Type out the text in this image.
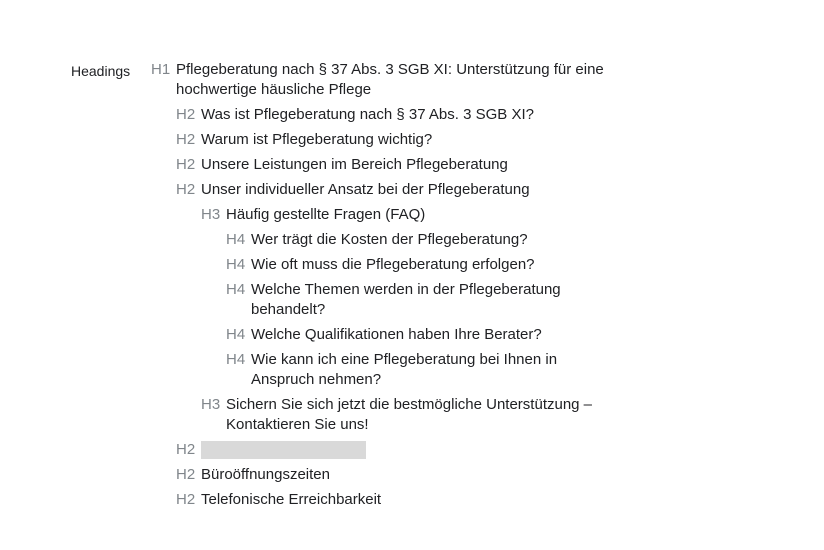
Headings H1 Pflegeberatung nach § 37 Abs. 3 SGB XI: Unterstützung für eine hochwertige häusliche Pflege
H2 Was ist Pflegeberatung nach § 37 Abs. 3 SGB XI?
H2 Warum ist Pflegeberatung wichtig?
H2 Unsere Leistungen im Bereich Pflegeberatung
H2 Unser individueller Ansatz bei der Pflegeberatung
H3 Häufig gestellte Fragen (FAQ)
H4 Wer trägt die Kosten der Pflegeberatung?
H4 Wie oft muss die Pflegeberatung erfolgen?
H4 Welche Themen werden in der Pflegeberatung behandelt?
H4 Welche Qualifikationen haben Ihre Berater?
H4 Wie kann ich eine Pflegeberatung bei Ihnen in Anspruch nehmen?
H3 Sichern Sie sich jetzt die bestmögliche Unterstützung – Kontaktieren Sie uns!
H2
H2 Büroöffnungszeiten
H2 Telefonische Erreichbarkeit
